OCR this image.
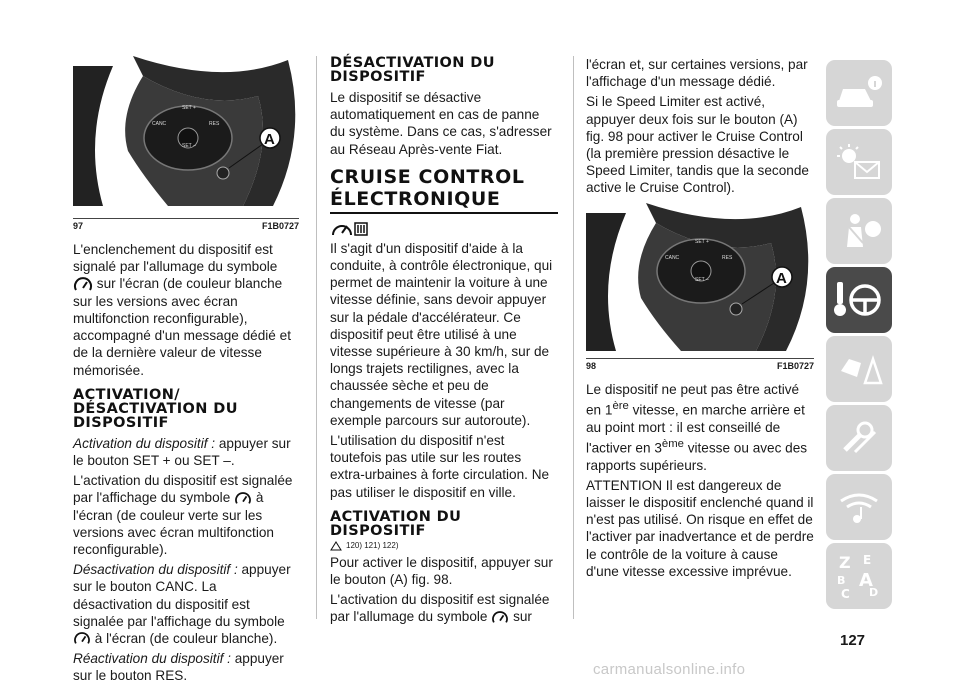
SET +
CANC	RES
SET –	A
97	F1B0727

L'enclenchement du dispositif est signalé par l'allumage du symbole  sur l'écran (de couleur blanche sur les versions avec écran multifonction reconfigurable), accompagné d'un message dédié et de la dernière valeur de vitesse mémorisée.

ACTIVATION/ DÉSACTIVATION DU DISPOSITIF

Activation du dispositif : appuyer sur le bouton SET + ou SET –.

L'activation du dispositif est signalée par l'affichage du symbole à l'écran (de couleur verte sur les versions avec écran multifonction reconfigurable).

Désactivation du dispositif : appuyer sur le bouton CANC. La désactivation du dispositif est signalée par l'affichage du symbole  à l'écran (de couleur blanche).

Réactivation du dispositif : appuyer sur le bouton RES.

DÉSACTIVATION DU DISPOSITIF

Le dispositif se désactive automatiquement en cas de panne du système. Dans ce cas, s'adresser au Réseau Après-vente Fiat.

CRUISE CONTROL ÉLECTRONIQUE

Il s'agit d'un dispositif d'aide à la conduite, à contrôle électronique, qui permet de maintenir la voiture à une vitesse définie, sans devoir appuyer sur la pédale d'accélérateur. Ce dispositif peut être utilisé à une vitesse supérieure à 30 km/h, sur de longs trajets rectilignes, avec la chaussée sèche et peu de changements de vitesse (par exemple parcours sur autoroute).

L'utilisation du dispositif n'est toutefois pas utile sur les routes extra-urbaines à forte circulation. Ne pas utiliser le dispositif en ville.

ACTIVATION DU DISPOSITIF
120) 121) 122)

Pour activer le dispositif, appuyer sur le bouton (A) fig. 98.

L'activation du dispositif est signalée par l'allumage du symbole sur

l'écran et, sur certaines versions, par l'affichage d'un message dédié.

Si le Speed Limiter est activé, appuyer deux fois sur le bouton (A) fig. 98 pour activer le Cruise Control (la première pression désactive le Speed Limiter, tandis que la seconde active le Cruise Control).

SET +
CANC	RES
SET –	A
98	F1B0727

Le dispositif ne peut pas être activé en 1ère vitesse, en marche arrière et au point mort : il est conseillé de l'activer en 3ème vitesse ou avec des rapports supérieurs.

ATTENTION Il est dangereux de laisser le dispositif enclenché quand il n'est pas utilisé. On risque en effet de l'activer par inadvertance et de perdre le contrôle de la voiture à cause d'une vitesse excessive imprévue.	Z E
B A
C D
127
carmanualsonline.info
